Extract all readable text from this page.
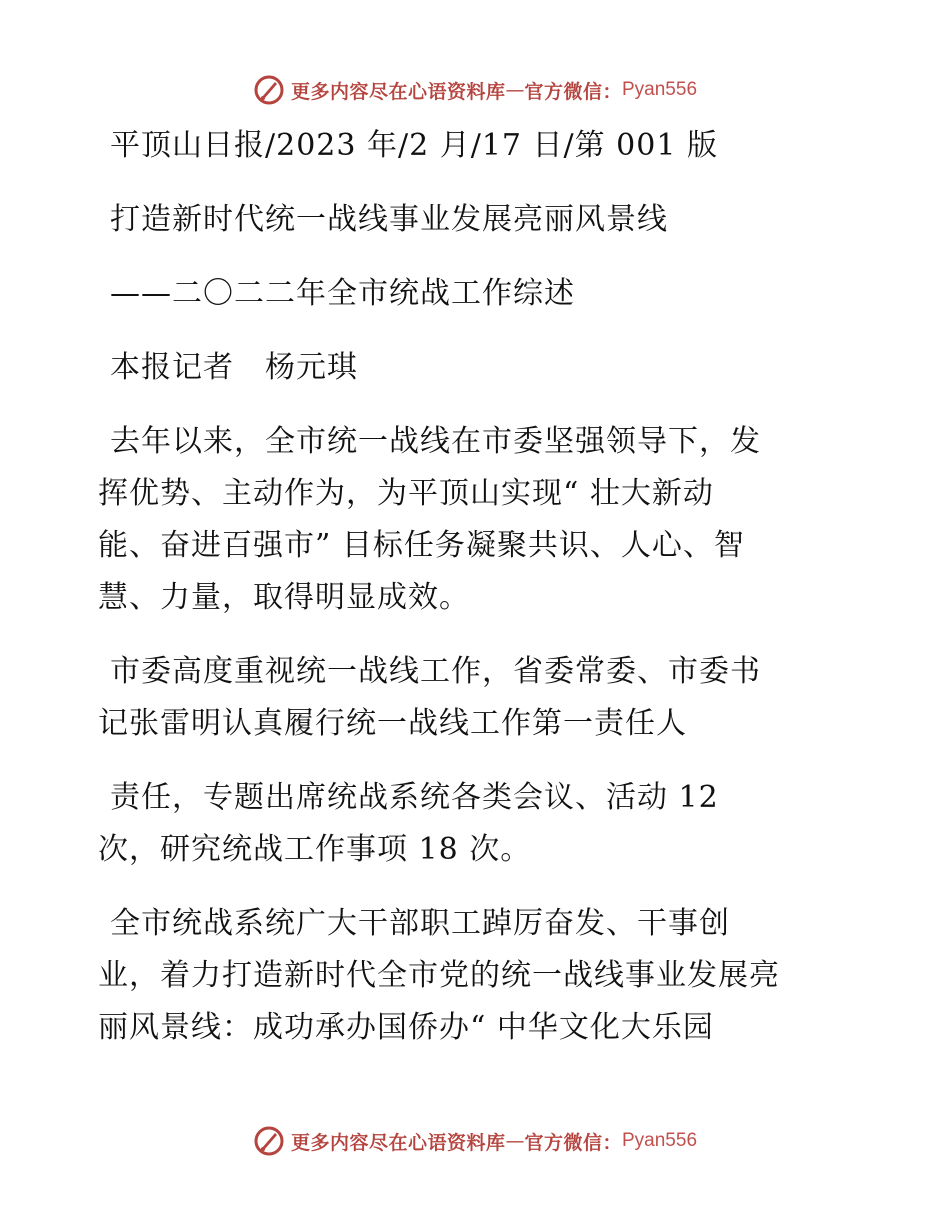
更多内容尽在心语资料库 — 官方微信： Pyan556
平顶山日报/2023 年/2 月/17 日/第 001 版
打造新时代统一战线事业发展亮丽风景线
——二〇二二年全市统战工作综述
本报记者　杨元琪
去年以来，全市统一战线在市委坚强领导下，发
挥优势、主动作为，为平顶山实现“ 壮大新动
能、奋进百强市” 目标任务凝聚共识、人心、智
慧、力量，取得明显成效。
市委高度重视统一战线工作，省委常委、市委书
记张雷明认真履行统一战线工作第一责任人
责任，专题出席统战系统各类会议、活动 12
次，研究统战工作事项 18 次。
全市统战系统广大干部职工踔厉奋发、干事创
业，着力打造新时代全市党的统一战线事业发展亮
丽风景线：成功承办国侨办“ 中华文化大乐园
更多内容尽在心语资料库 — 官方微信： Pyan556
